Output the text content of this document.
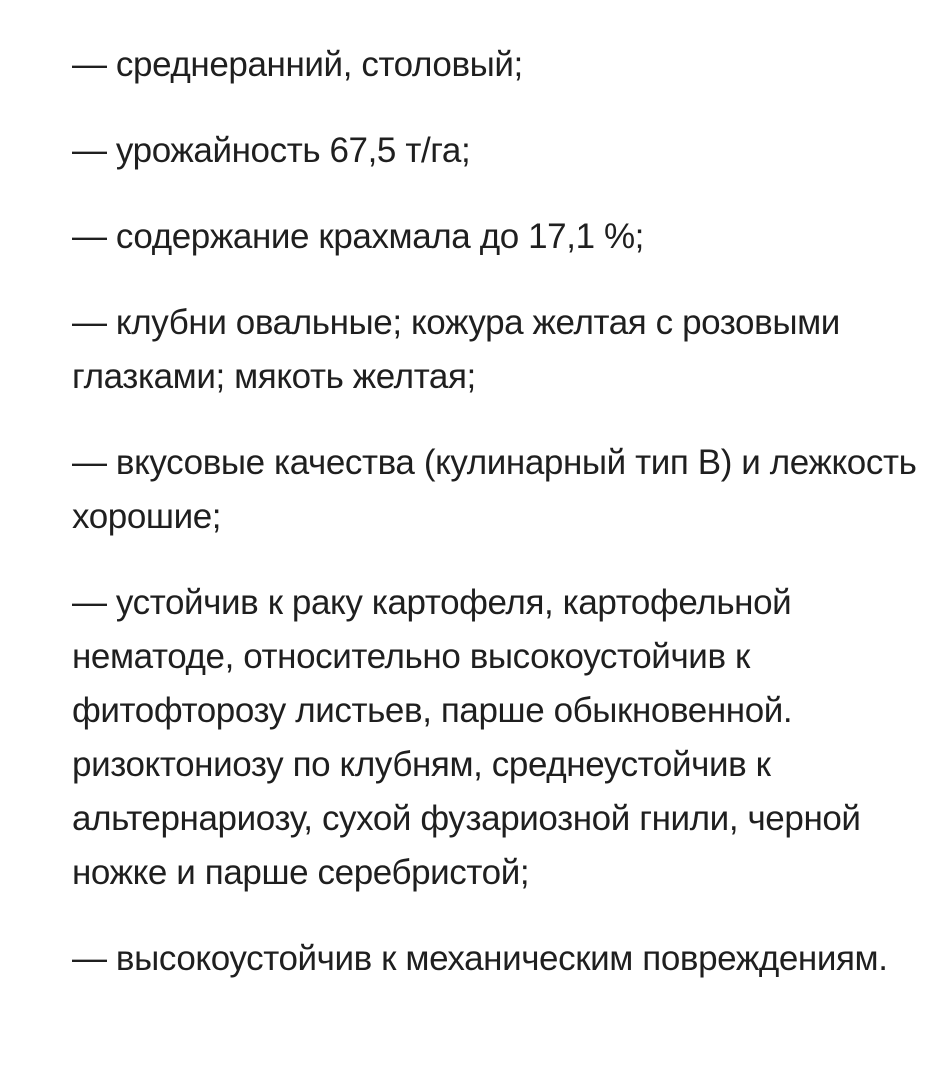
— среднеранний, столовый;

— урожайность 67,5 т/га;

— содержание крахмала до 17,1 %;

— клубни овальные; кожура желтая с розовыми глазками; мякоть желтая;

— вкусовые качества (кулинарный тип В) и лежкость хорошие;

— устойчив к раку картофеля, картофельной нематоде, относительно высокоустойчив к фитофторозу листьев, парше обыкновенной. ризоктониозу по клубням, среднеустойчив к альтернариозу, сухой фузариозной гнили, черной ножке и парше серебристой;

— высокоустойчив к механическим повреждениям.
